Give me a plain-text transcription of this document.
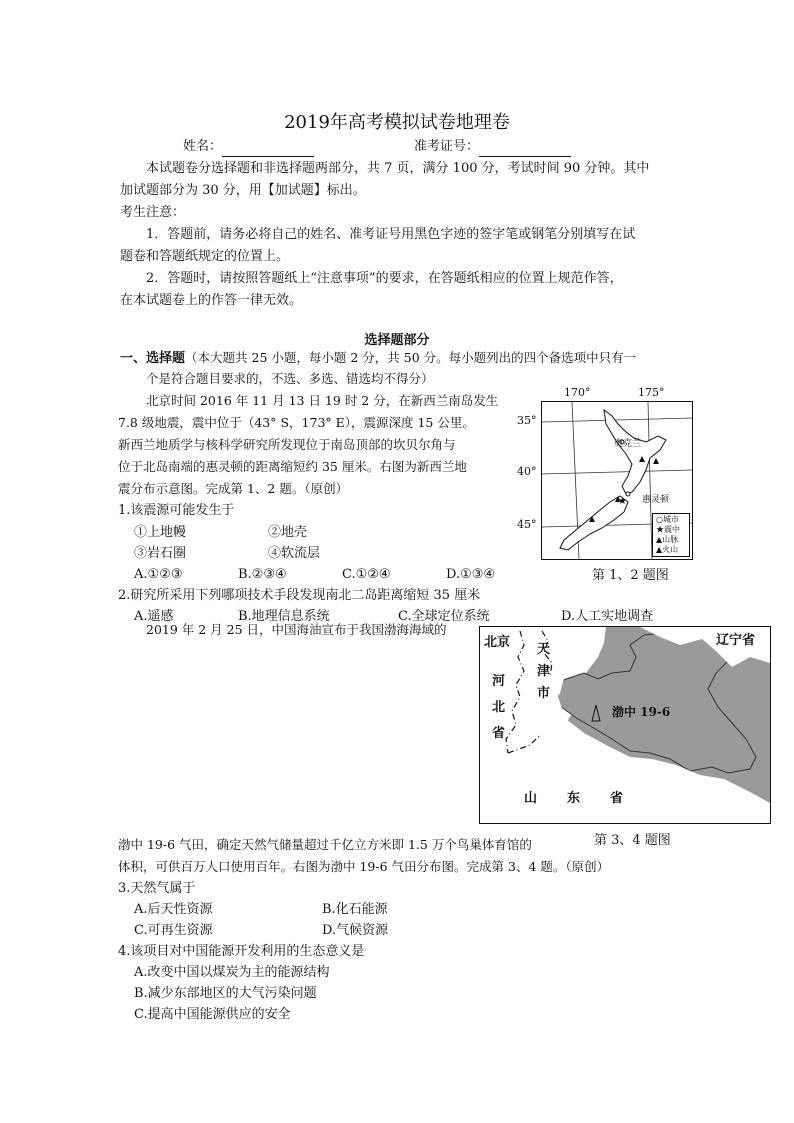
2019年高考模拟试卷地理卷
姓名：	准考证号：
本试题卷分选择题和非选择题两部分，共 7 页，满分 100 分，考试时间 90 分钟。其中
加试题部分为 30 分，用【加试题】标出。
考生注意：
1．答题前，请务必将自己的姓名、准考证号用黑色字迹的签字笔或钢笔分别填写在试
题卷和答题纸规定的位置上。
2．答题时，请按照答题纸上“注意事项”的要求，在答题纸相应的位置上规范作答，
在本试题卷上的作答一律无效。
选择题部分
一、选择题（本大题共 25 小题，每小题 2 分，共 50 分。每小题列出的四个备选项中只有一
个是符合题目要求的，不选、多选、错选均不得分）
北京时间 2016 年 11 月 13 日 19 时 2 分，在新西兰南岛发生
7.8 级地震，震中位于（43° S，173° E），震源深度 15 公里。
新西兰地质学与核科学研究所发现位于南岛顶部的坎贝尔角与
位于北岛南端的惠灵顿的距离缩短约 35 厘米。右图为新西兰地
震分布示意图。完成第 1、2 题。（原创）
1.该震源可能发生于
①上地幔	②地壳
③岩石圈	④软流层
A.①②③	B.②③④	C.①②④	D.①③④
2.研究所采用下列哪项技术手段发现南北二岛距离缩短 35 厘米
A.遥感	B.地理信息系统	C.全球定位系统	D.人工实地调查
★
奥克兰
惠灵顿
○城市
★震中
▲山脉
▲火山
170°	175°
35°
40°
45°
第 1、2 题图
2019 年 2 月 25 日，中国海油宣布于我国渤海海域的
北京 天津市
河北省
辽宁省
渤中 19-6
山东省
第 3、4 题图
渤中 19-6 气田，确定天然气储量超过千亿立方米即 1.5 万个鸟巢体育馆的
体积，可供百万人口使用百年。右图为渤中 19-6 气田分布图。完成第 3、4 题。（原创）
3.天然气属于
A.后天性资源	B.化石能源
C.可再生资源	D.气候资源
4.该项目对中国能源开发利用的生态意义是
A.改变中国以煤炭为主的能源结构
B.减少东部地区的大气污染问题
C.提高中国能源供应的安全
